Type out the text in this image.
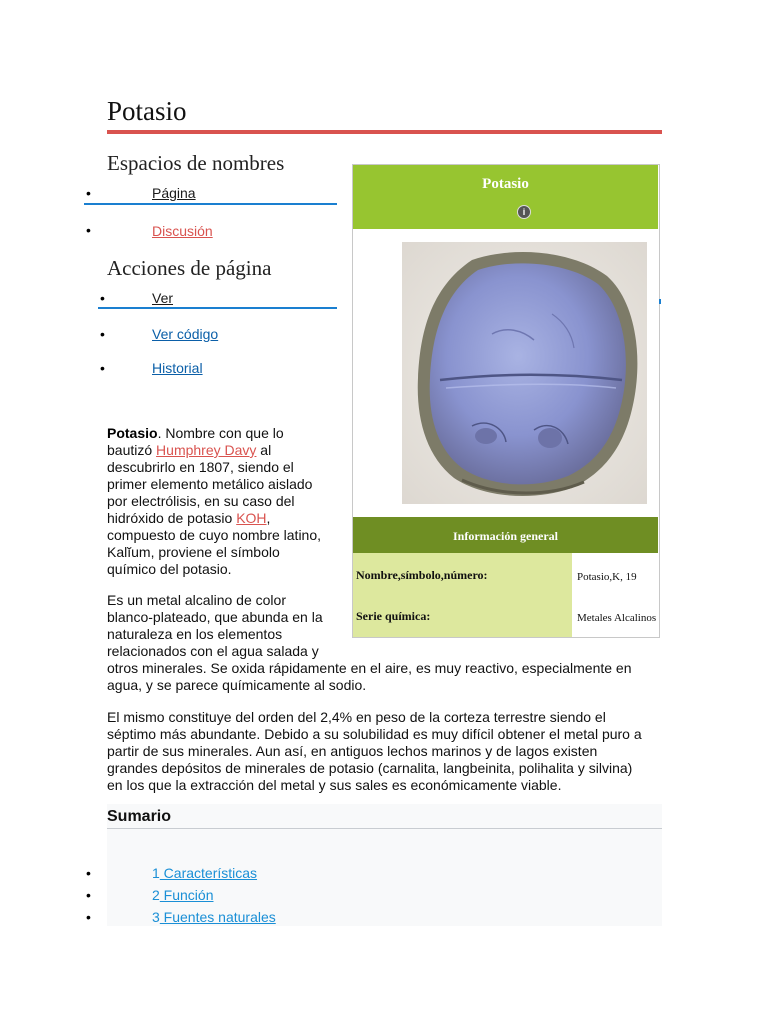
Potasio
Espacios de nombres
•	Página
•	Discusión
Acciones de página
•	Ver
•	Ver código
•	Historial
Potasio
i
Información general
Nombre,símbolo,número:	Potasio,K, 19
Serie química:	Metales Alcalinos

Potasio. Nombre con que lo bautizó Humphrey Davy al descubrirlo en 1807, siendo el primer elemento metálico aislado por electrólisis, en su caso del hidróxido de potasio KOH, compuesto de cuyo nombre latino, Kalĭum, proviene el símbolo químico del potasio.

Es un metal alcalino de color
blanco-plateado, que abunda en la
naturaleza en los elementos
relacionados con el agua salada y
otros minerales. Se oxida rápidamente en el aire, es muy reactivo, especialmente en
agua, y se parece químicamente al sodio.
El mismo constituye del orden del 2,4% en peso de la corteza terrestre siendo el
séptimo más abundante. Debido a su solubilidad es muy difícil obtener el metal puro a
partir de sus minerales. Aun así, en antiguos lechos marinos y de lagos existen
grandes depósitos de minerales de potasio (carnalita, langbeinita, polihalita y silvina)
en los que la extracción del metal y sus sales es económicamente viable.
Sumario
•	1 Características
•	2 Función
•	3 Fuentes naturales
